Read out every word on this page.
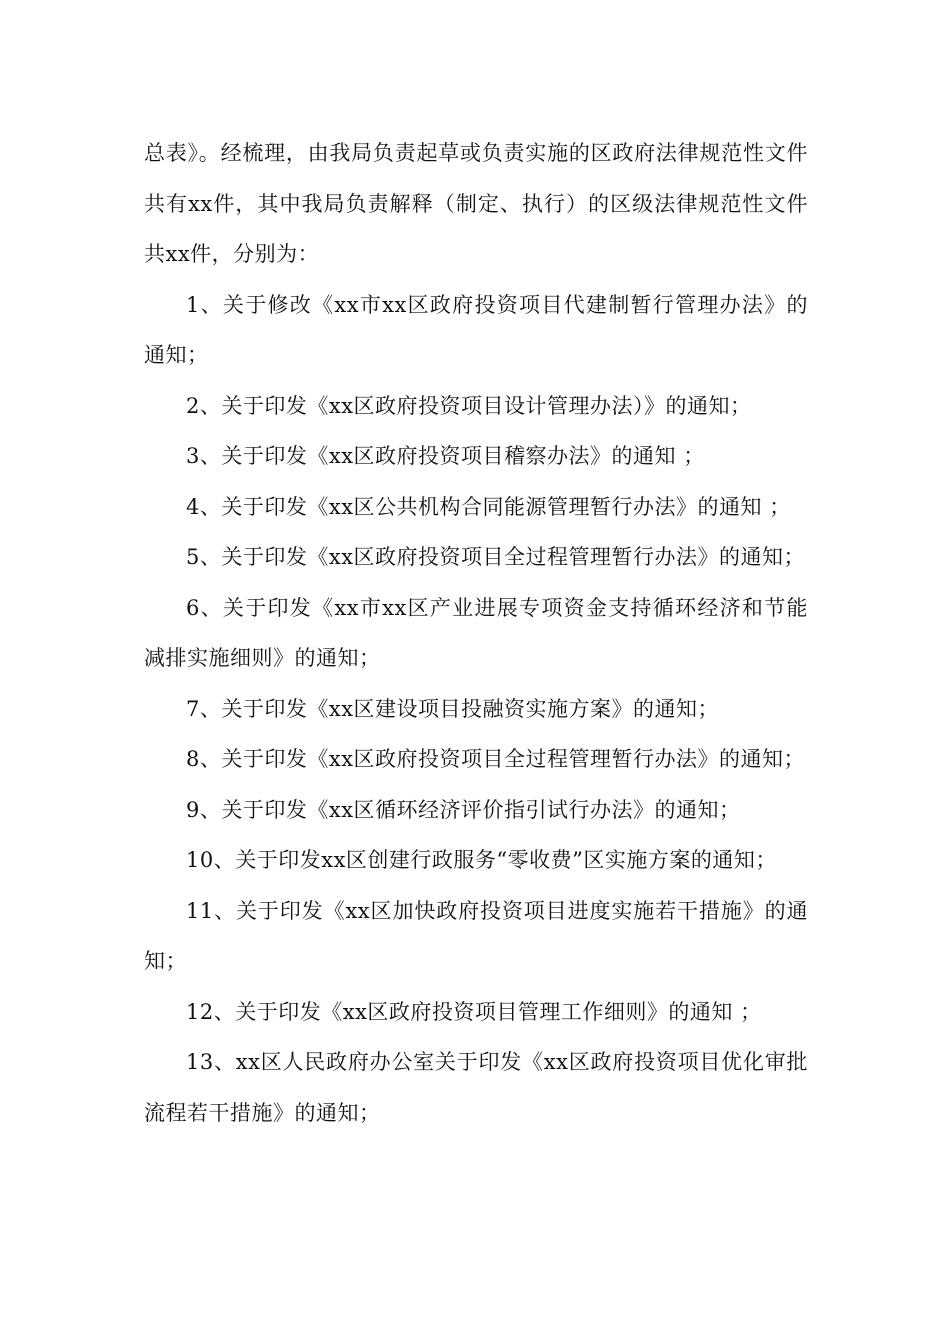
总表》。经梳理，由我局负责起草或负责实施的区政府法律规范性文件共有xx件，其中我局负责解释（制定、执行）的区级法律规范性文件共xx件，分别为：

1、关于修改《xx市xx区政府投资项目代建制暂行管理办法》的通知；

2、关于印发《xx区政府投资项目设计管理办法）》的通知；

3、关于印发《xx区政府投资项目稽察办法》的通知 ；

4、关于印发《xx区公共机构合同能源管理暂行办法》的通知 ；

5、关于印发《xx区政府投资项目全过程管理暂行办法》的通知；

6、关于印发《xx市xx区产业进展专项资金支持循环经济和节能减排实施细则》的通知；

7、关于印发《xx区建设项目投融资实施方案》的通知；

8、关于印发《xx区政府投资项目全过程管理暂行办法》的通知；

9、关于印发《xx区循环经济评价指引试行办法》的通知；

10、关于印发xx区创建行政服务“零收费”区实施方案的通知；

11、关于印发《xx区加快政府投资项目进度实施若干措施》的通知；

12、关于印发《xx区政府投资项目管理工作细则》的通知 ；

13、xx区人民政府办公室关于印发《xx区政府投资项目优化审批流程若干措施》的通知；
